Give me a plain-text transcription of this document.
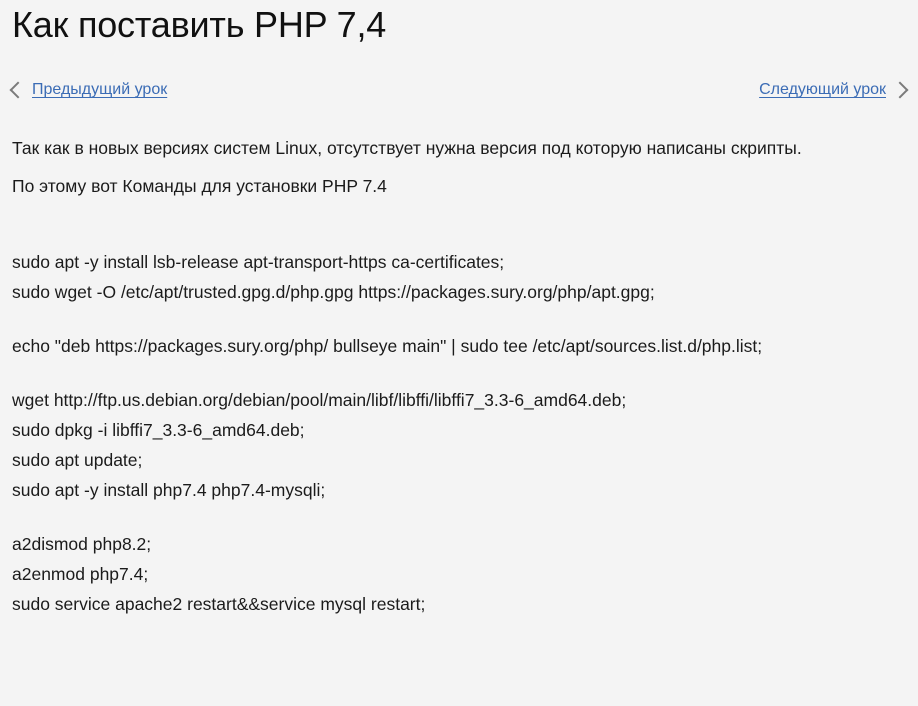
Как поставить PHP 7,4
Предыдущий урок	Следующий урок

Так как в новых версиях систем Linux, отсутствует нужна версия под которую написаны скрипты.

По этому вот Команды для установки PHP 7.4

sudo apt -y install lsb-release apt-transport-https ca-certificates;
sudo wget -O /etc/apt/trusted.gpg.d/php.gpg https://packages.sury.org/php/apt.gpg;
echo "deb https://packages.sury.org/php/ bullseye main" | sudo tee /etc/apt/sources.list.d/php.list;
wget http://ftp.us.debian.org/debian/pool/main/libf/libffi/libffi7_3.3-6_amd64.deb;
sudo dpkg -i libffi7_3.3-6_amd64.deb;
sudo apt update;
sudo apt -y install php7.4 php7.4-mysqli;
a2dismod php8.2;
a2enmod php7.4;
sudo service apache2 restart&&service mysql restart;
